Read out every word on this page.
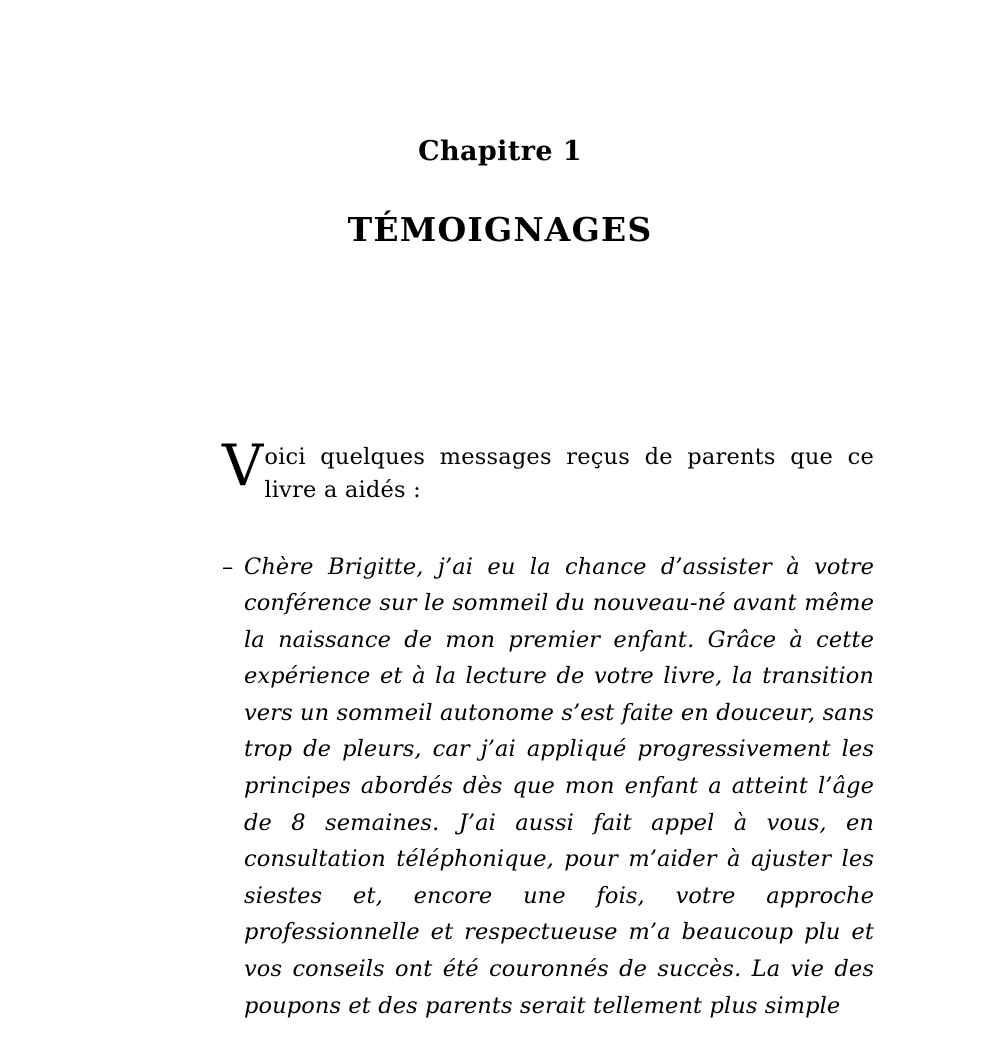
Chapitre 1
TÉMOIGNAGES

Voici quelques messages reçus de parents que ce livre a aidés :

– Chère Brigitte, j’ai eu la chance d’assister à votre conférence sur le sommeil du nouveau-né avant même la naissance de mon premier enfant. Grâce à cette expérience et à la lecture de votre livre, la transition vers un sommeil autonome s’est faite en douceur, sans trop de pleurs, car j’ai appliqué progressivement les principes abordés dès que mon enfant a atteint l’âge de 8 semaines. J’ai aussi fait appel à vous, en consultation téléphonique, pour m’aider à ajuster les siestes et, encore une fois, votre approche professionnelle et respectueuse m’a beaucoup plu et vos conseils ont été couronnés de succès. La vie des poupons et des parents serait tellement plus simple
